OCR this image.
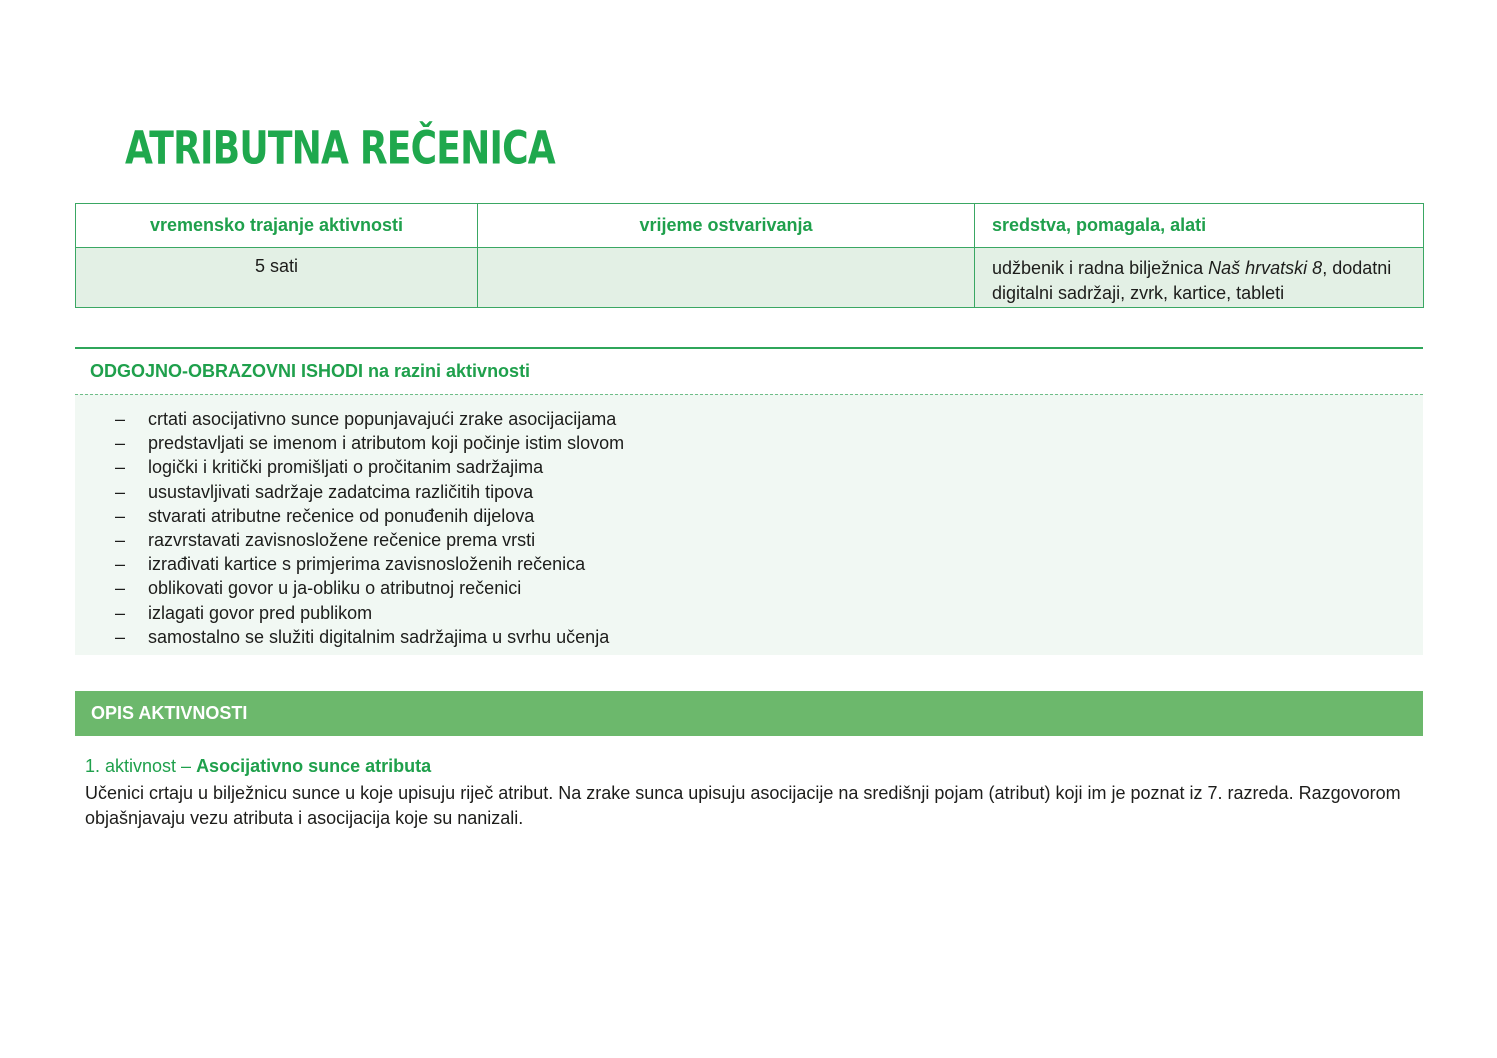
ATRIBUTNA REČENICA
vremensko trajanje aktivnosti	vrijeme ostvarivanja	sredstva, pomagala, alati
5 sati		udžbenik i radna bilježnica Naš hrvatski 8, dodatni digitalni sadržaji, zvrk, kartice, tableti
ODGOJNO-OBRAZOVNI ISHODI na razini aktivnosti
–	crtati asocijativno sunce popunjavajući zrake asocijacijama
–	predstavljati se imenom i atributom koji počinje istim slovom
–	logički i kritički promišljati o pročitanim sadržajima
–	usustavljivati sadržaje zadatcima različitih tipova
–	stvarati atributne rečenice od ponuđenih dijelova
–	razvrstavati zavisnosložene rečenice prema vrsti
–	izrađivati kartice s primjerima zavisnosloženih rečenica
–	oblikovati govor u ja-obliku o atributnoj rečenici
–	izlagati govor pred publikom
–	samostalno se služiti digitalnim sadržajima u svrhu učenja
OPIS AKTIVNOSTI
1. aktivnost – Asocijativno sunce atributa

Učenici crtaju u bilježnicu sunce u koje upisuju riječ atribut. Na zrake sunca upisuju asocijacije na središnji pojam (atribut) koji im je poznat iz 7. razreda. Razgovorom objašnjavaju vezu atributa i asocijacija koje su nanizali.
